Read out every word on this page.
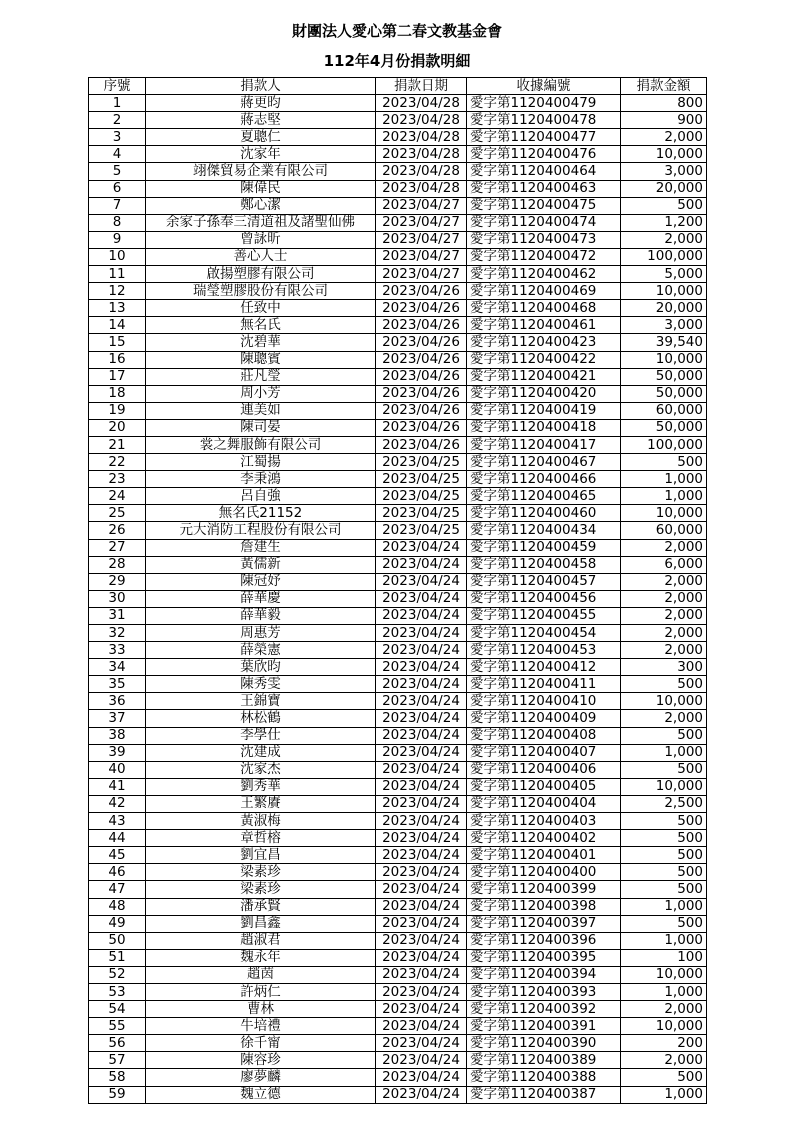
財團法人愛心第二春文教基金會
112年4月份捐款明細
序號	捐款人	捐款日期	收據編號	捐款金額
1	蔣更昀	2023/04/28	愛字第1120400479	800
2	蔣志堅	2023/04/28	愛字第1120400478	900
3	夏聰仁	2023/04/28	愛字第1120400477	2,000
4	沈家年	2023/04/28	愛字第1120400476	10,000
5	翊傑貿易企業有限公司	2023/04/28	愛字第1120400464	3,000
6	陳偉民	2023/04/28	愛字第1120400463	20,000
7	鄭心潔	2023/04/27	愛字第1120400475	500
8	余家子孫奉三清道祖及諸聖仙佛	2023/04/27	愛字第1120400474	1,200
9	曾詠昕	2023/04/27	愛字第1120400473	2,000
10	善心人士	2023/04/27	愛字第1120400472	100,000
11	啟揚塑膠有限公司	2023/04/27	愛字第1120400462	5,000
12	瑞瑩塑膠股份有限公司	2023/04/26	愛字第1120400469	10,000
13	任致中	2023/04/26	愛字第1120400468	20,000
14	無名氏	2023/04/26	愛字第1120400461	3,000
15	沈碧華	2023/04/26	愛字第1120400423	39,540
16	陳聰賓	2023/04/26	愛字第1120400422	10,000
17	莊凡瑩	2023/04/26	愛字第1120400421	50,000
18	周小芳	2023/04/26	愛字第1120400420	50,000
19	連美如	2023/04/26	愛字第1120400419	60,000
20	陳司晏	2023/04/26	愛字第1120400418	50,000
21	裳之舞服飾有限公司	2023/04/26	愛字第1120400417	100,000
22	江蜀揚	2023/04/25	愛字第1120400467	500
23	李秉鴻	2023/04/25	愛字第1120400466	1,000
24	呂自強	2023/04/25	愛字第1120400465	1,000
25	無名氏21152	2023/04/25	愛字第1120400460	10,000
26	元大消防工程股份有限公司	2023/04/25	愛字第1120400434	60,000
27	詹建生	2023/04/24	愛字第1120400459	2,000
28	黃儒新	2023/04/24	愛字第1120400458	6,000
29	陳冠妤	2023/04/24	愛字第1120400457	2,000
30	薛華慶	2023/04/24	愛字第1120400456	2,000
31	薛華毅	2023/04/24	愛字第1120400455	2,000
32	周惠芳	2023/04/24	愛字第1120400454	2,000
33	薛榮憲	2023/04/24	愛字第1120400453	2,000
34	葉欣昀	2023/04/24	愛字第1120400412	300
35	陳秀雯	2023/04/24	愛字第1120400411	500
36	王錦寶	2023/04/24	愛字第1120400410	10,000
37	林松鶴	2023/04/24	愛字第1120400409	2,000
38	李學仕	2023/04/24	愛字第1120400408	500
39	沈建成	2023/04/24	愛字第1120400407	1,000
40	沈家杰	2023/04/24	愛字第1120400406	500
41	劉秀華	2023/04/24	愛字第1120400405	10,000
42	王繁賡	2023/04/24	愛字第1120400404	2,500
43	黃淑梅	2023/04/24	愛字第1120400403	500
44	章哲榕	2023/04/24	愛字第1120400402	500
45	劉宜昌	2023/04/24	愛字第1120400401	500
46	梁素珍	2023/04/24	愛字第1120400400	500
47	梁素珍	2023/04/24	愛字第1120400399	500
48	潘承賢	2023/04/24	愛字第1120400398	1,000
49	劉昌鑫	2023/04/24	愛字第1120400397	500
50	趙淑君	2023/04/24	愛字第1120400396	1,000
51	魏永年	2023/04/24	愛字第1120400395	100
52	趙茵	2023/04/24	愛字第1120400394	10,000
53	許炳仁	2023/04/24	愛字第1120400393	1,000
54	曹林	2023/04/24	愛字第1120400392	2,000
55	牛培禮	2023/04/24	愛字第1120400391	10,000
56	徐千甯	2023/04/24	愛字第1120400390	200
57	陳容珍	2023/04/24	愛字第1120400389	2,000
58	廖夢麟	2023/04/24	愛字第1120400388	500
59	魏立德	2023/04/24	愛字第1120400387	1,000
